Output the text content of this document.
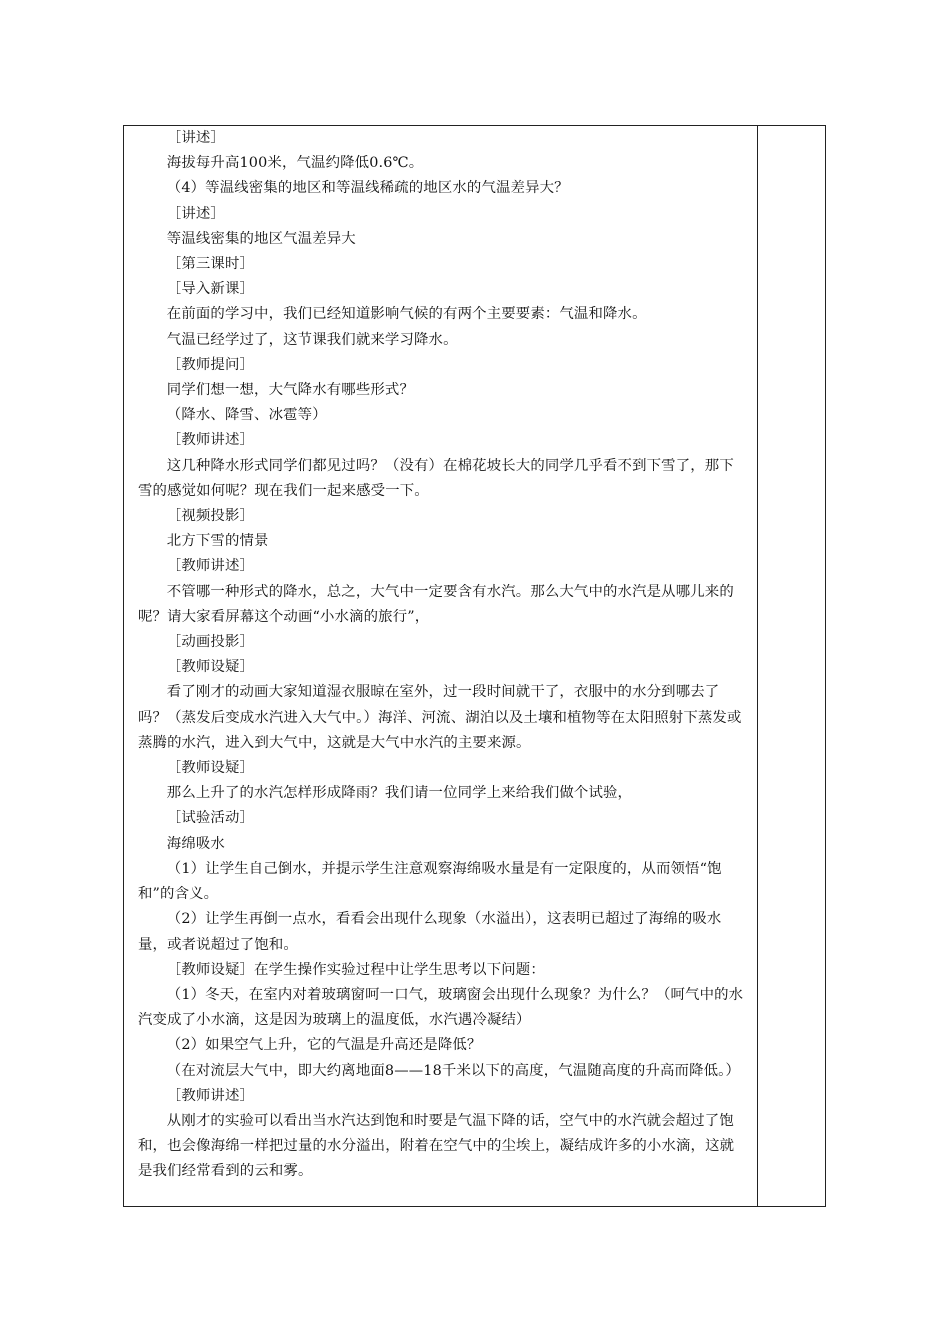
［讲述］

海拔每升高100米，气温约降低0.6℃。

（4）等温线密集的地区和等温线稀疏的地区水的气温差异大？

［讲述］

等温线密集的地区气温差异大

［第三课时］

［导入新课］

在前面的学习中，我们已经知道影响气候的有两个主要要素：气温和降水。

气温已经学过了，这节课我们就来学习降水。

［教师提问］

同学们想一想，大气降水有哪些形式？

（降水、降雪、冰雹等）

［教师讲述］

这几种降水形式同学们都见过吗？（没有）在棉花坡长大的同学几乎看不到下雪了，那下雪的感觉如何呢？现在我们一起来感受一下。

［视频投影］

北方下雪的情景

［教师讲述］

不管哪一种形式的降水，总之，大气中一定要含有水汽。那么大气中的水汽是从哪儿来的呢？请大家看屏幕这个动画“小水滴的旅行”，

［动画投影］

［教师设疑］

看了刚才的动画大家知道湿衣服晾在室外，过一段时间就干了，衣服中的水分到哪去了吗？（蒸发后变成水汽进入大气中。）海洋、河流、湖泊以及土壤和植物等在太阳照射下蒸发或蒸腾的水汽，进入到大气中，这就是大气中水汽的主要来源。

［教师设疑］

那么上升了的水汽怎样形成降雨？我们请一位同学上来给我们做个试验，

［试验活动］

海绵吸水

（1）让学生自己倒水，并提示学生注意观察海绵吸水量是有一定限度的，从而领悟“饱和”的含义。

（2）让学生再倒一点水，看看会出现什么现象（水溢出），这表明已超过了海绵的吸水量，或者说超过了饱和。

［教师设疑］在学生操作实验过程中让学生思考以下问题：

（1）冬天，在室内对着玻璃窗呵一口气，玻璃窗会出现什么现象？为什么？（呵气中的水汽变成了小水滴，这是因为玻璃上的温度低，水汽遇冷凝结）

（2）如果空气上升，它的气温是升高还是降低？

（在对流层大气中，即大约离地面8——18千米以下的高度，气温随高度的升高而降低。）

［教师讲述］

从刚才的实验可以看出当水汽达到饱和时要是气温下降的话，空气中的水汽就会超过了饱和，也会像海绵一样把过量的水分溢出，附着在空气中的尘埃上，凝结成许多的小水滴，这就是我们经常看到的云和雾。
